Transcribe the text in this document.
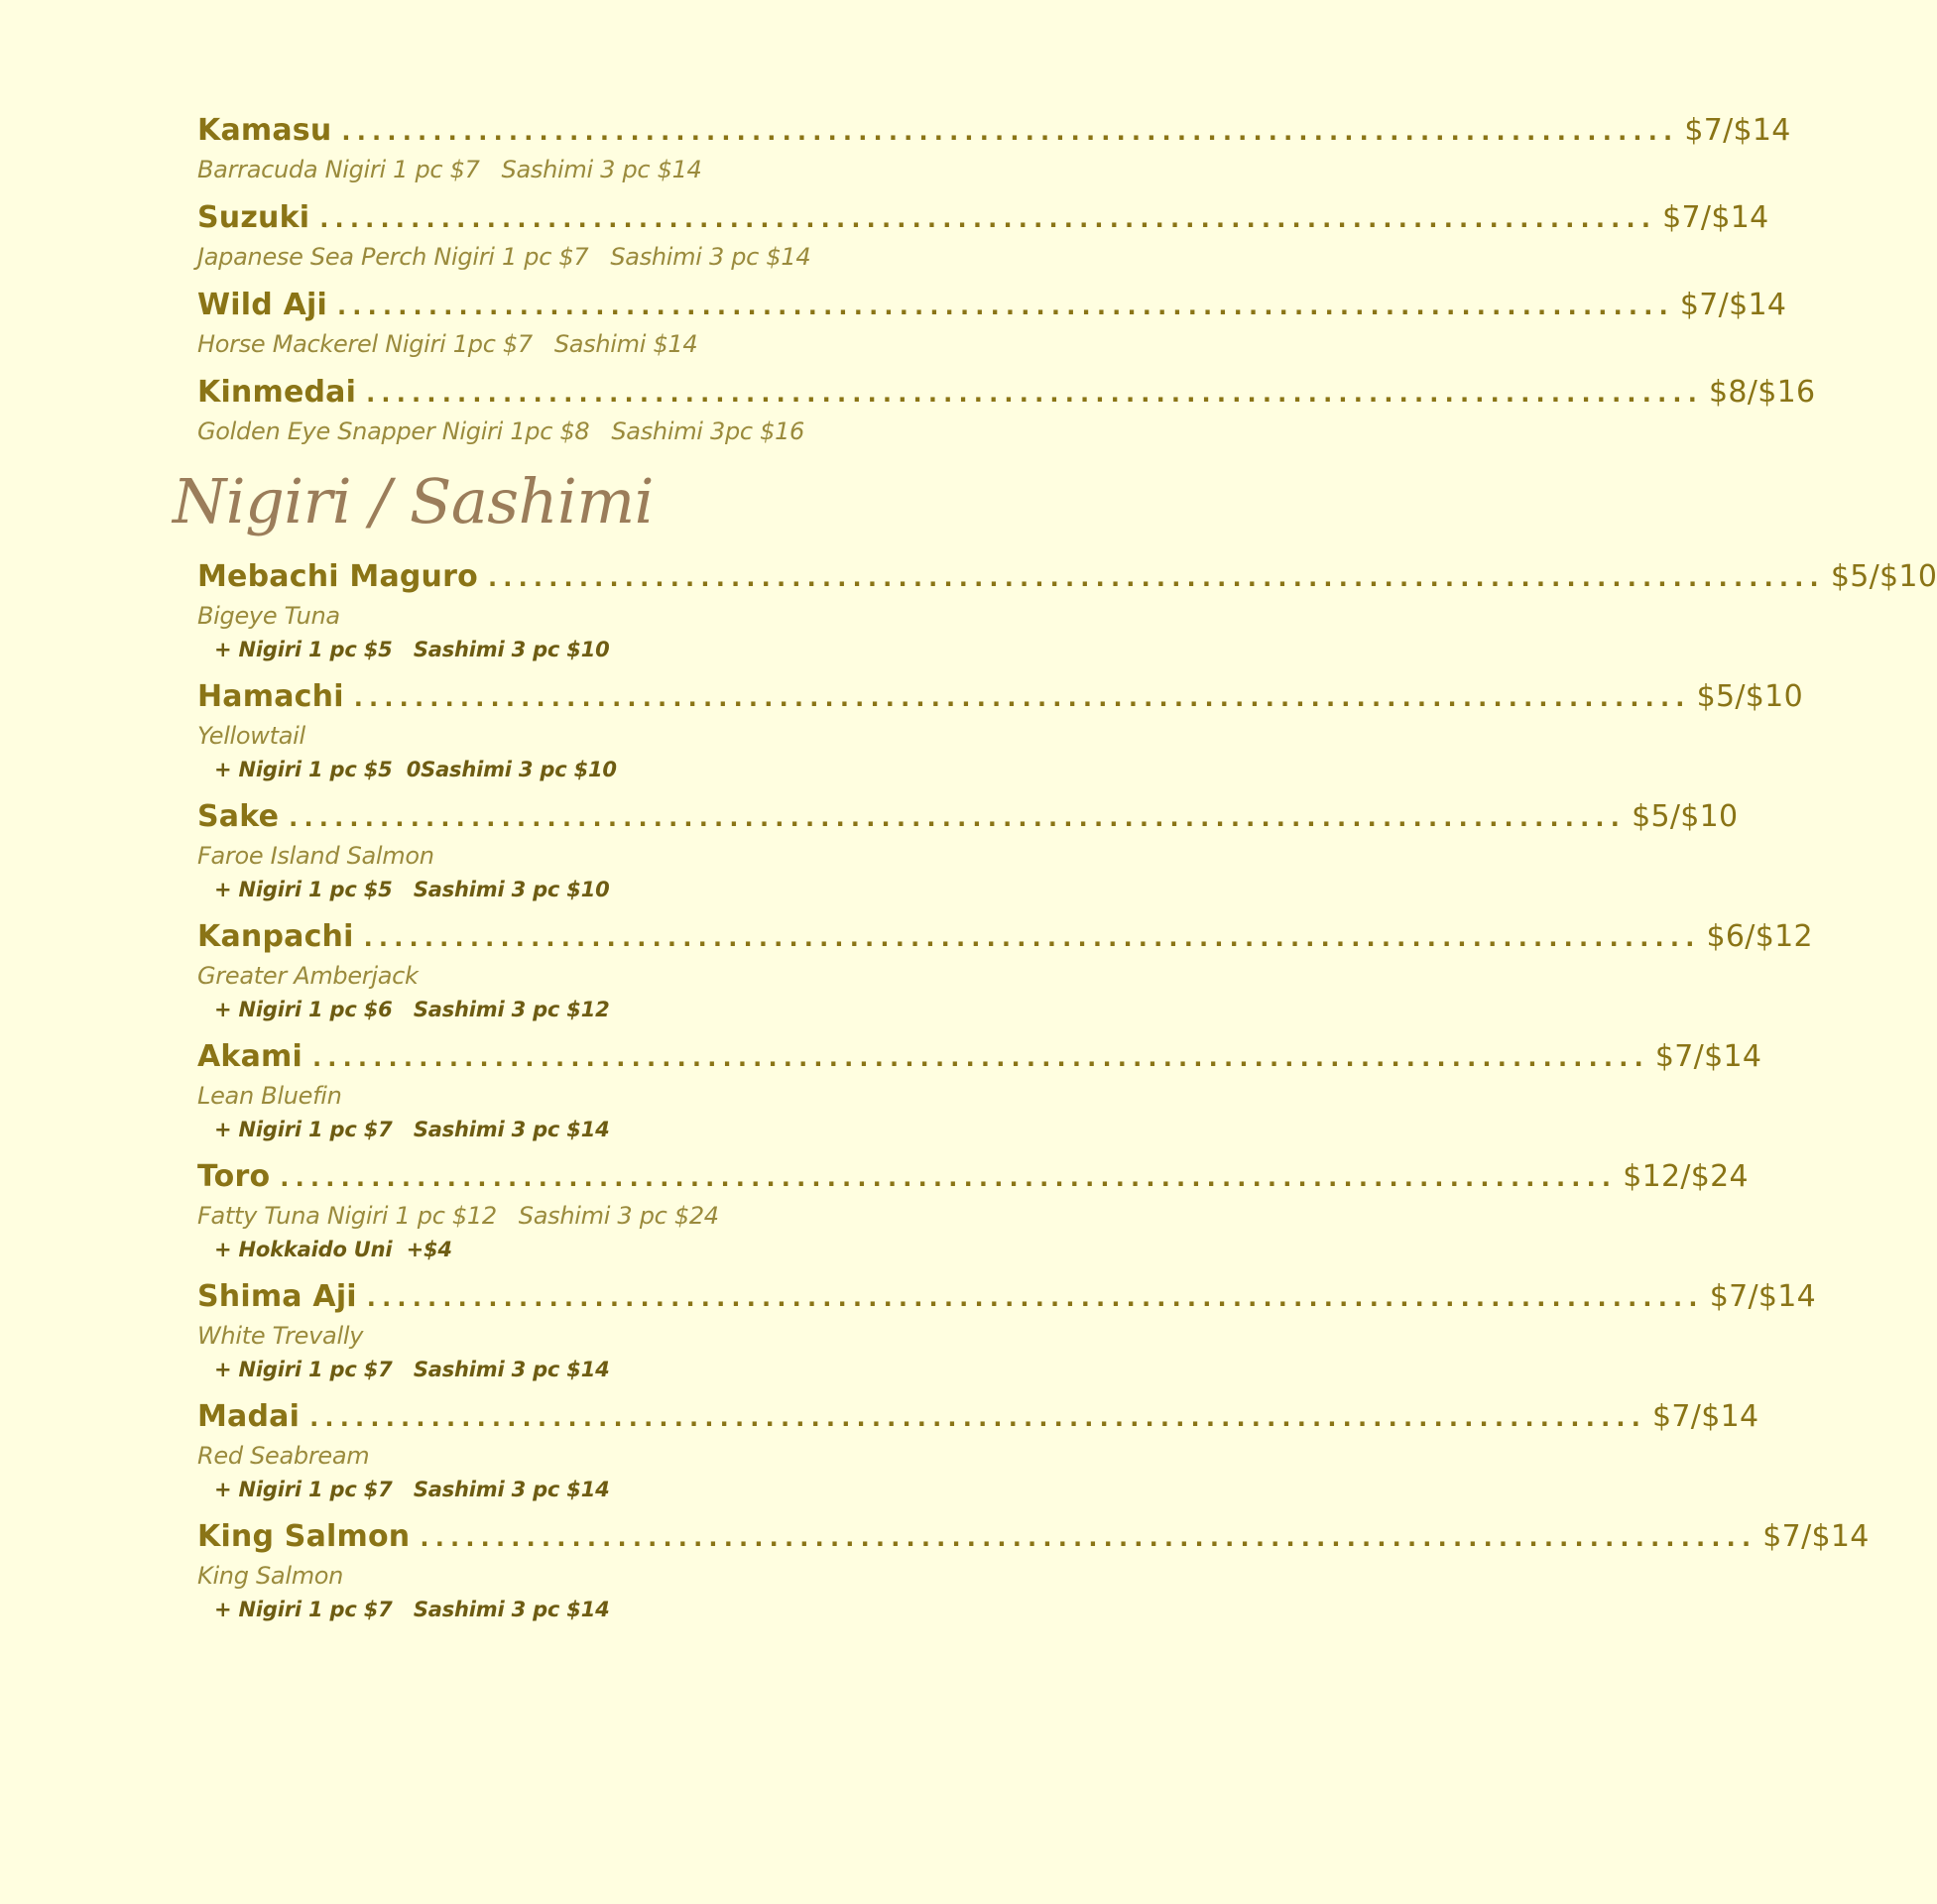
Kamasu ........................................................................................ $7/$14
Barracuda Nigiri 1 pc $7   Sashimi 3 pc $14
Suzuki ........................................................................................ $7/$14
Japanese Sea Perch Nigiri 1 pc $7   Sashimi 3 pc $14
Wild Aji ........................................................................................ $7/$14
Horse Mackerel Nigiri 1pc $7   Sashimi $14
Kinmedai ........................................................................................ $8/$16
Golden Eye Snapper Nigiri 1pc $8   Sashimi 3pc $16
Nigiri / Sashimi
Mebachi Maguro ........................................................................................ $5/$10
Bigeye Tuna
+ Nigiri 1 pc $5   Sashimi 3 pc $10
Hamachi ........................................................................................ $5/$10
Yellowtail
+ Nigiri 1 pc $5  0Sashimi 3 pc $10
Sake ........................................................................................ $5/$10
Faroe Island Salmon
+ Nigiri 1 pc $5   Sashimi 3 pc $10
Kanpachi ........................................................................................ $6/$12
Greater Amberjack
+ Nigiri 1 pc $6   Sashimi 3 pc $12
Akami ........................................................................................ $7/$14
Lean Bluefin
+ Nigiri 1 pc $7   Sashimi 3 pc $14
Toro ........................................................................................ $12/$24
Fatty Tuna Nigiri 1 pc $12   Sashimi 3 pc $24
+ Hokkaido Uni  +$4
Shima Aji ........................................................................................ $7/$14
White Trevally
+ Nigiri 1 pc $7   Sashimi 3 pc $14
Madai ........................................................................................ $7/$14
Red Seabream
+ Nigiri 1 pc $7   Sashimi 3 pc $14
King Salmon ........................................................................................ $7/$14
King Salmon
+ Nigiri 1 pc $7   Sashimi 3 pc $14
